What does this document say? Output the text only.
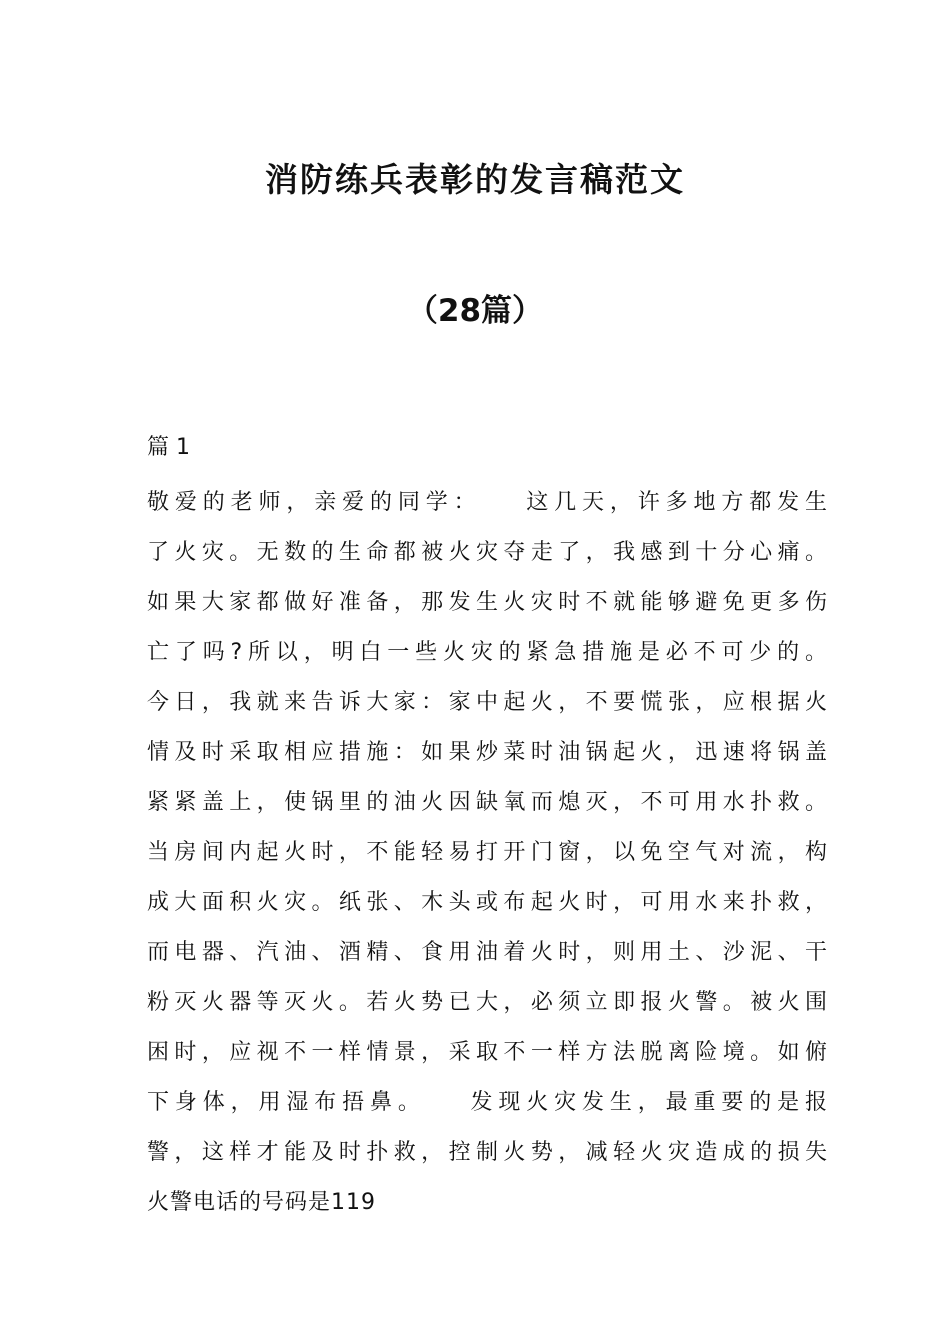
消防练兵表彰的发言稿范文
（28篇）
篇 1
敬爱的老师，亲爱的同学：　　这几天，许多地方都发生
了火灾。无数的生命都被火灾夺走了，我感到十分心痛。
如果大家都做好准备，那发生火灾时不就能够避免更多伤
亡了吗?所以，明白一些火灾的紧急措施是必不可少的。
今日，我就来告诉大家：家中起火，不要慌张，应根据火
情及时采取相应措施：如果炒菜时油锅起火，迅速将锅盖
紧紧盖上，使锅里的油火因缺氧而熄灭，不可用水扑救。
当房间内起火时，不能轻易打开门窗，以免空气对流，构
成大面积火灾。纸张、木头或布起火时，可用水来扑救，
而电器、汽油、酒精、食用油着火时，则用土、沙泥、干
粉灭火器等灭火。若火势已大，必须立即报火警。被火围
困时，应视不一样情景，采取不一样方法脱离险境。如俯
下身体，用湿布捂鼻。　　发现火灾发生，最重要的是报
警，这样才能及时扑救，控制火势，减轻火灾造成的损失
火警电话的号码是119
